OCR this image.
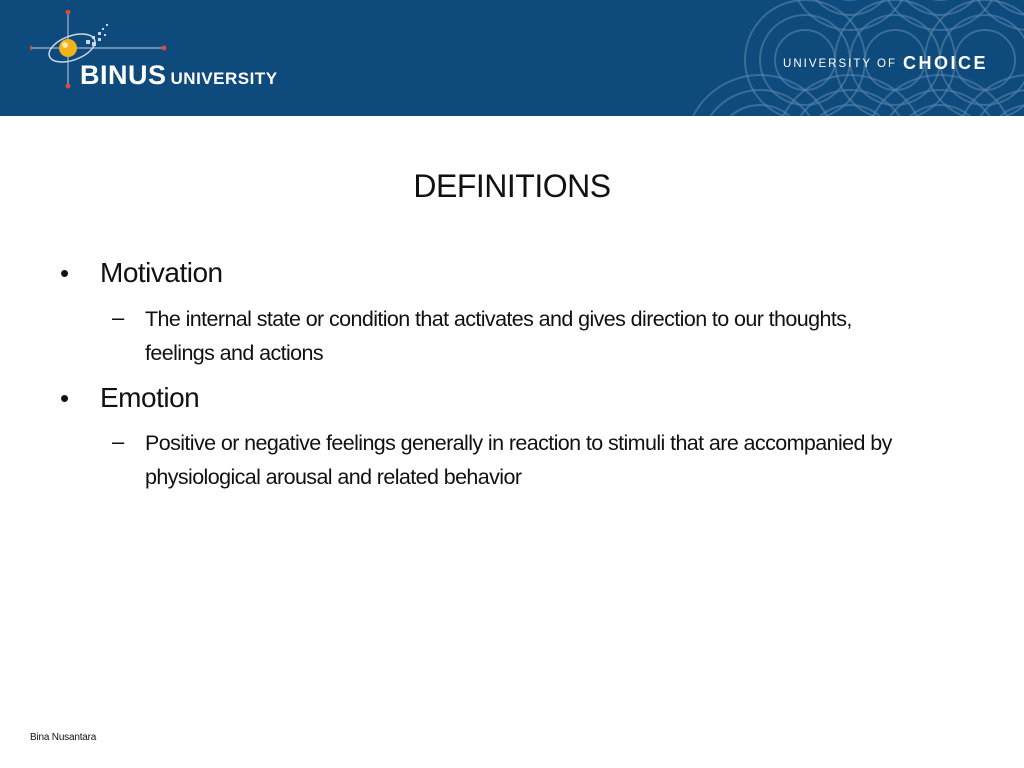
BINUS UNIVERSITY
UNIVERSITY OF CHOICE
DEFINITIONS
• Motivation
– The internal state or condition that activates and gives direction to our thoughts, feelings and actions
• Emotion
– Positive or negative feelings generally in reaction to stimuli that are accompanied by physiological arousal and related behavior
Bina Nusantara
